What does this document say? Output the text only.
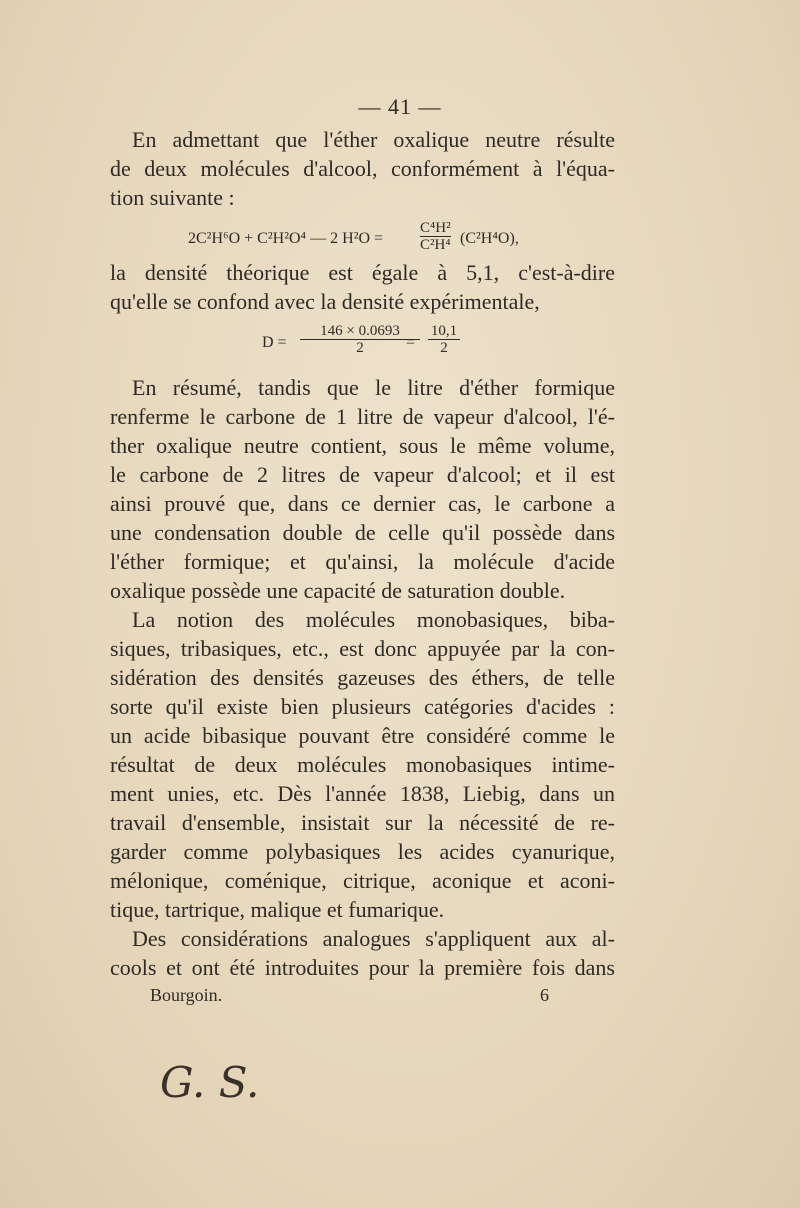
— 41 —
En admettant que l'éther oxalique neutre résulte
de deux molécules d'alcool, conformément à l'équa-
tion suivante :
2C²H⁶O + C²H²O⁴ — 2 $H^2O = \frac{\text{C⁴H²}}{\text{C²H⁴}} (C^2H^4O)$,
la densité théorique est égale à 5,1, c'est-à-dire
qu'elle se confond avec la densité expérimentale,
$D = \frac{146 \times 0.0693}{2}$
= $\frac{10,1}{2}$
En résumé, tandis que le litre d'éther formique
renferme le carbone de 1 litre de vapeur d'alcool, l'é-
ther oxalique neutre contient, sous le même volume,
le carbone de 2 litres de vapeur d'alcool; et il est
ainsi prouvé que, dans ce dernier cas, le carbone a
une condensation double de celle qu'il possède dans
l'éther formique; et qu'ainsi, la molécule d'acide
oxalique possède une capacité de saturation double.
La notion des molécules monobasiques, biba-
siques, tribasiques, etc., est donc appuyée par la con-
sidération des densités gazeuses des éthers, de telle
sorte qu'il existe bien plusieurs catégories d'acides :
un acide bibasique pouvant être considéré comme le
résultat de deux molécules monobasiques intime-
ment unies, etc. Dès l'année 1838, Liebig, dans un
travail d'ensemble, insistait sur la nécessité de re-
garder comme polybasiques les acides cyanurique,
mélonique, coménique, citrique, aconique et aconi-
tique, tartrique, malique et fumarique.
Des considérations analogues s'appliquent aux al-
cools et ont été introduites pour la première fois dans
Bourgoin.	6
G. S.
